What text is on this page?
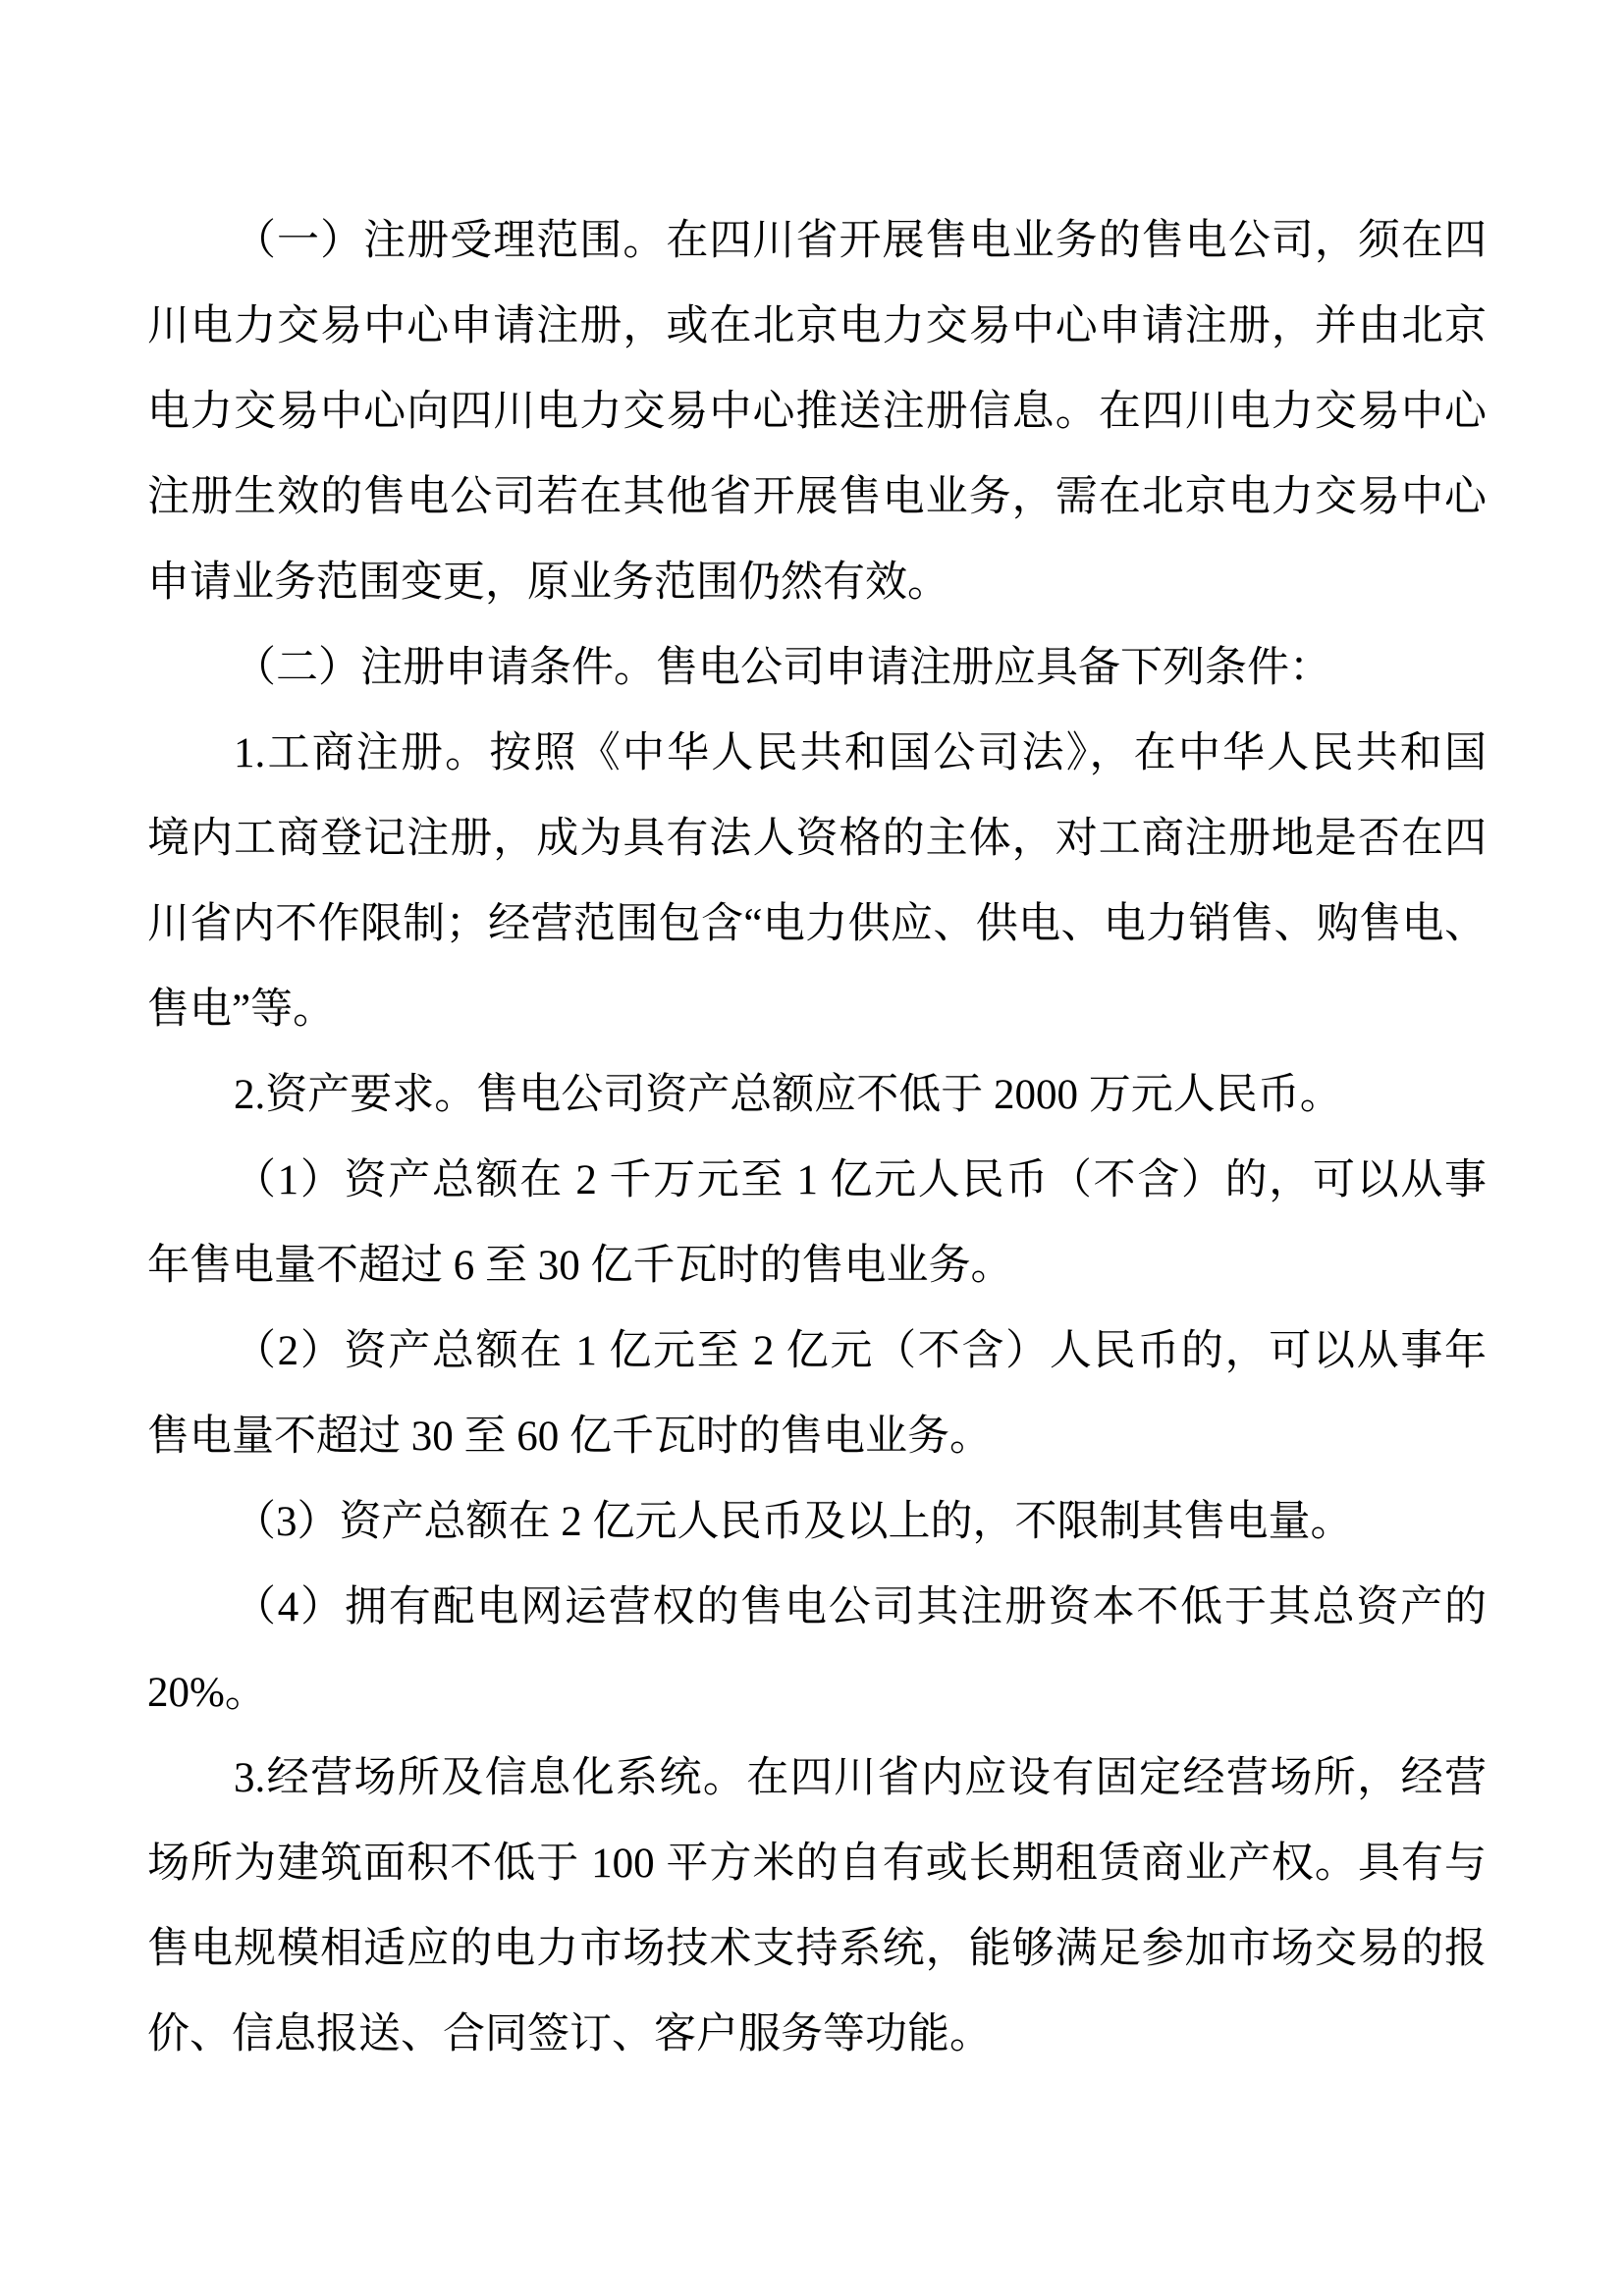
（一）注册受理范围。在四川省开展售电业务的售电公司，须在四
川电力交易中心申请注册，或在北京电力交易中心申请注册，并由北京
电力交易中心向四川电力交易中心推送注册信息。在四川电力交易中心
注册生效的售电公司若在其他省开展售电业务，需在北京电力交易中心
申请业务范围变更，原业务范围仍然有效。
（二）注册申请条件。售电公司申请注册应具备下列条件：
1.工商注册。按照《中华人民共和国公司法》，在中华人民共和国
境内工商登记注册，成为具有法人资格的主体，对工商注册地是否在四
川省内不作限制；经营范围包含“电力供应、供电、电力销售、购售电、
售电”等。
2.资产要求。售电公司资产总额应不低于 2000 万元人民币。
（1）资产总额在 2 千万元至 1 亿元人民币（不含）的，可以从事
年售电量不超过 6 至 30 亿千瓦时的售电业务。
（2）资产总额在 1 亿元至 2 亿元（不含）人民币的，可以从事年
售电量不超过 30 至 60 亿千瓦时的售电业务。
（3）资产总额在 2 亿元人民币及以上的，不限制其售电量。
（4）拥有配电网运营权的售电公司其注册资本不低于其总资产的
20%。
3.经营场所及信息化系统。在四川省内应设有固定经营场所，经营
场所为建筑面积不低于 100 平方米的自有或长期租赁商业产权。具有与
售电规模相适应的电力市场技术支持系统，能够满足参加市场交易的报
价、信息报送、合同签订、客户服务等功能。
